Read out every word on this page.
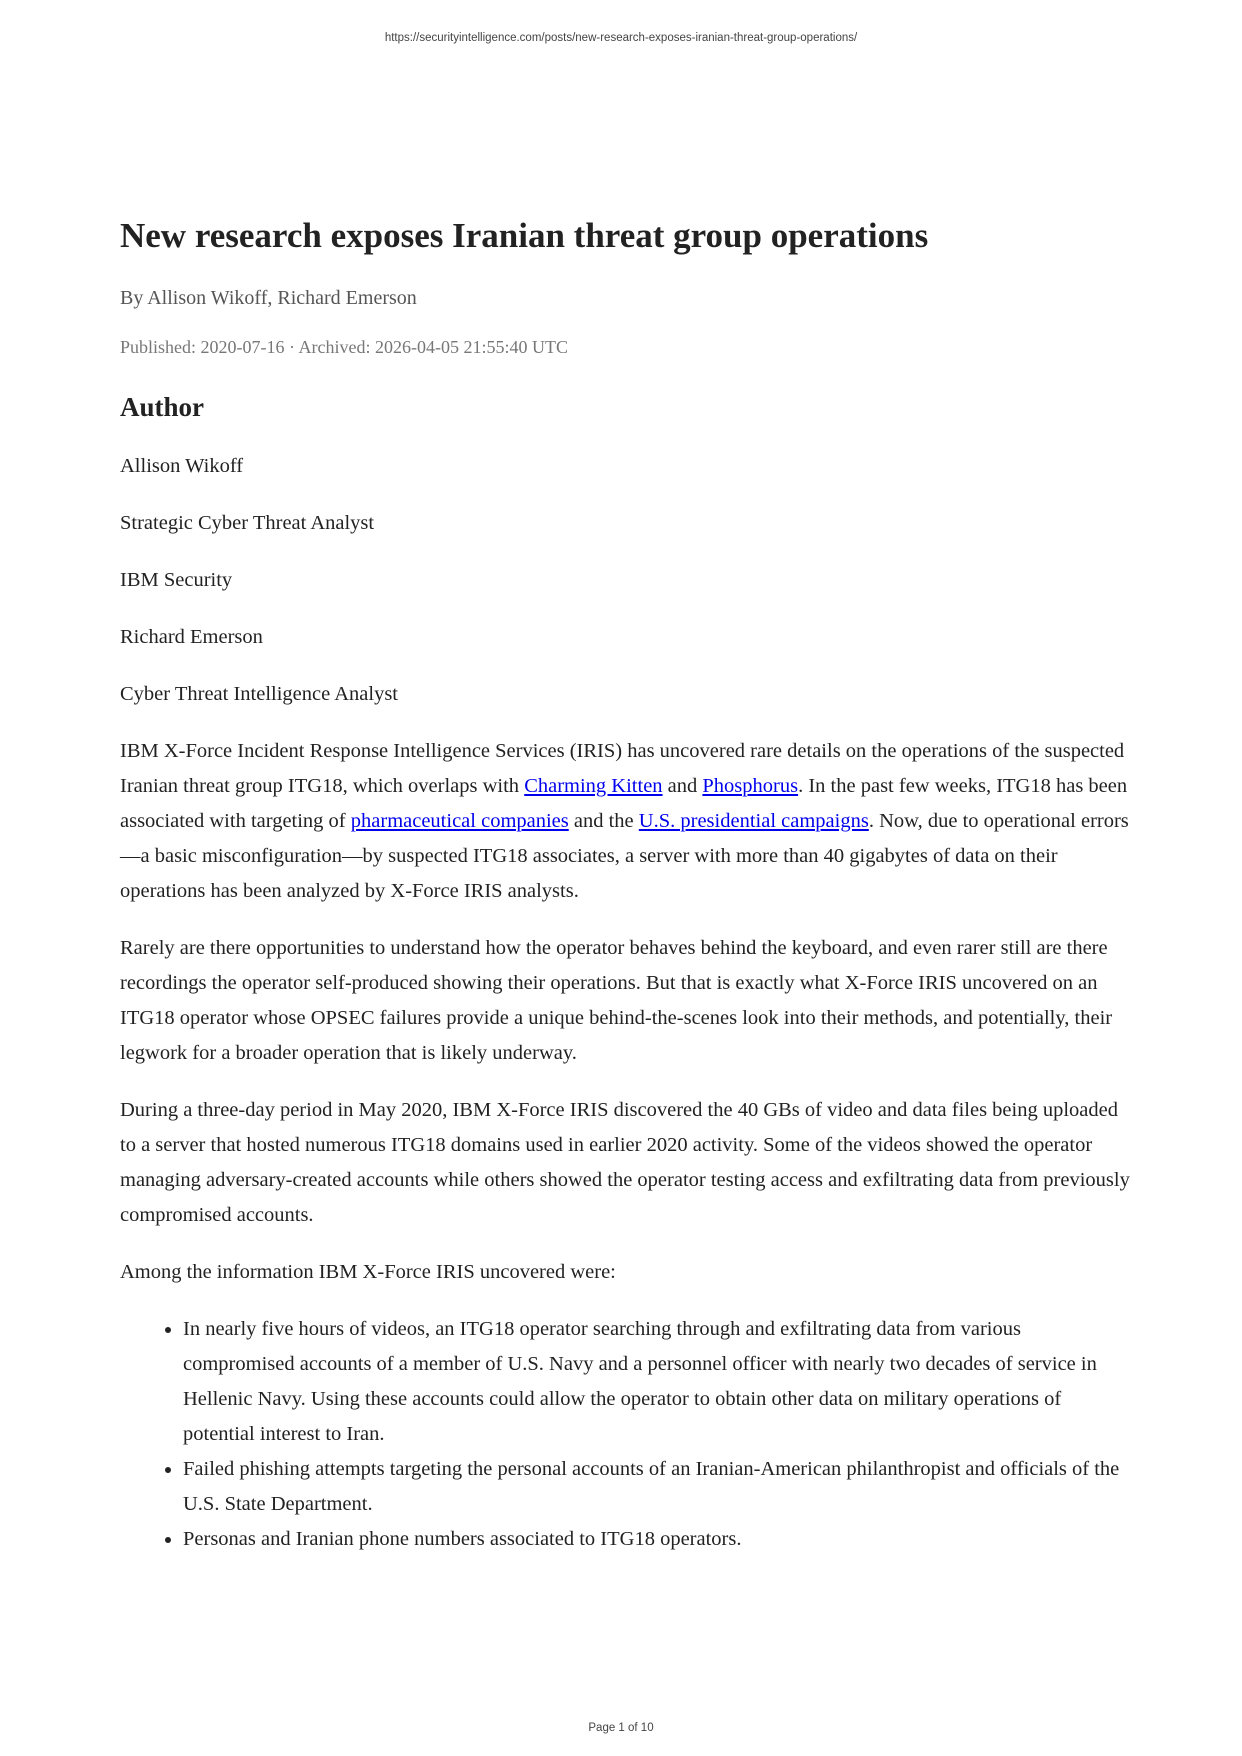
https://securityintelligence.com/posts/new-research-exposes-iranian-threat-group-operations/
New research exposes Iranian threat group operations
By Allison Wikoff, Richard Emerson
Published: 2020-07-16 · Archived: 2026-04-05 21:55:40 UTC
Author

Allison Wikoff

Strategic Cyber Threat Analyst

IBM Security

Richard Emerson

Cyber Threat Intelligence Analyst

IBM X-Force Incident Response Intelligence Services (IRIS) has uncovered rare details on the operations of the suspected Iranian threat group ITG18, which overlaps with Charming Kitten and Phosphorus. In the past few weeks, ITG18 has been associated with targeting of pharmaceutical companies and the U.S. presidential campaigns. Now, due to operational errors—a basic misconfiguration—by suspected ITG18 associates, a server with more than 40 gigabytes of data on their operations has been analyzed by X-Force IRIS analysts.

Rarely are there opportunities to understand how the operator behaves behind the keyboard, and even rarer still are there recordings the operator self-produced showing their operations. But that is exactly what X-Force IRIS uncovered on an ITG18 operator whose OPSEC failures provide a unique behind-the-scenes look into their methods, and potentially, their legwork for a broader operation that is likely underway.

During a three-day period in May 2020, IBM X-Force IRIS discovered the 40 GBs of video and data files being uploaded to a server that hosted numerous ITG18 domains used in earlier 2020 activity. Some of the videos showed the operator managing adversary-created accounts while others showed the operator testing access and exfiltrating data from previously compromised accounts.

Among the information IBM X-Force IRIS uncovered were:

• In nearly five hours of videos, an ITG18 operator searching through and exfiltrating data from various compromised accounts of a member of U.S. Navy and a personnel officer with nearly two decades of service in Hellenic Navy. Using these accounts could allow the operator to obtain other data on military operations of potential interest to Iran.
• Failed phishing attempts targeting the personal accounts of an Iranian-American philanthropist and officials of the U.S. State Department.
• Personas and Iranian phone numbers associated to ITG18 operators.
Page 1 of 10
